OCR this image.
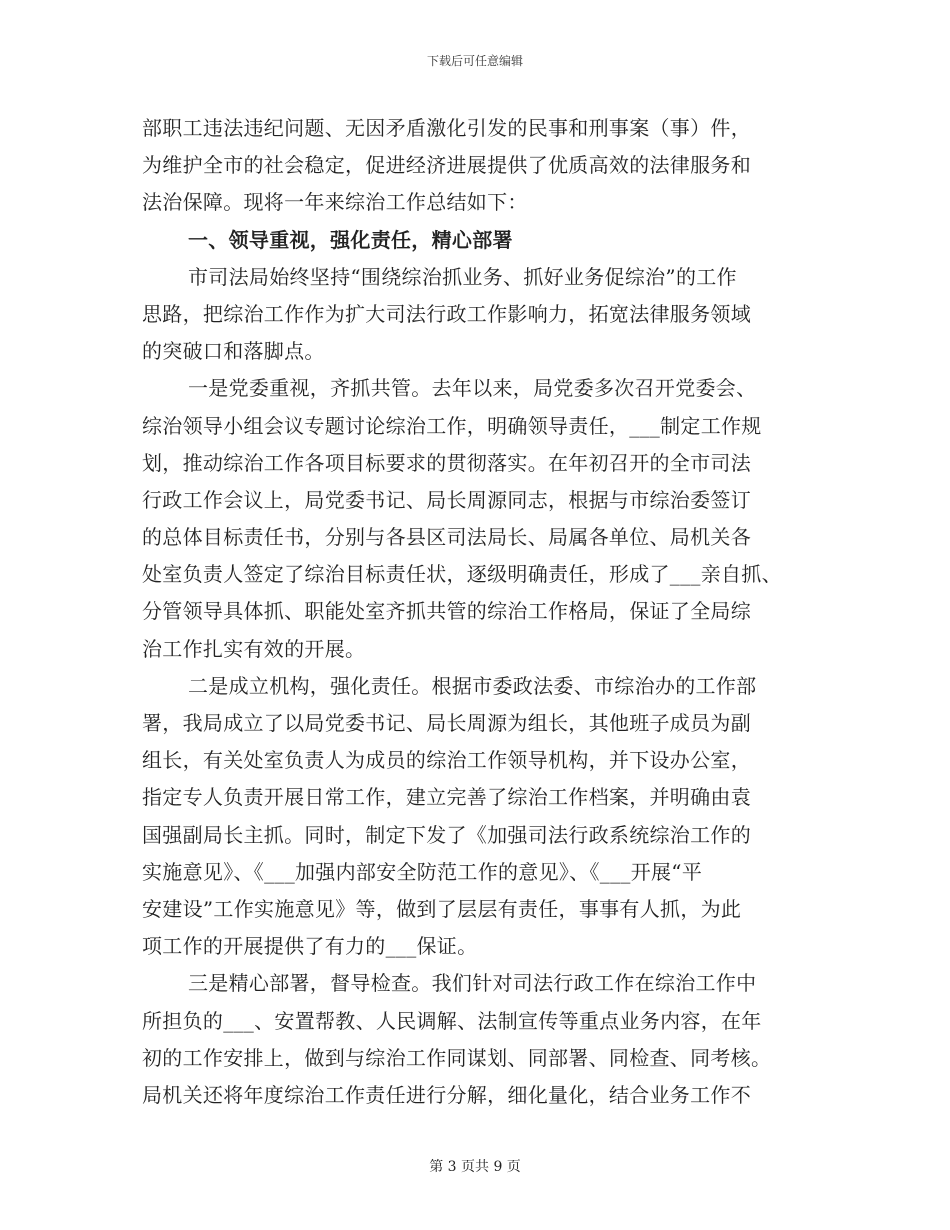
下载后可任意编辑
部职工违法违纪问题、无因矛盾激化引发的民事和刑事案（事）件，
为维护全市的社会稳定，促进经济进展提供了优质高效的法律服务和
法治保障。现将一年来综治工作总结如下：
一、领导重视，强化责任，精心部署
市司法局始终坚持“围绕综治抓业务、抓好业务促综治”的工作
思路，把综治工作作为扩大司法行政工作影响力，拓宽法律服务领域
的突破口和落脚点。
一是党委重视，齐抓共管。去年以来，局党委多次召开党委会、
综治领导小组会议专题讨论综治工作，明确领导责任，___制定工作规
划，推动综治工作各项目标要求的贯彻落实。在年初召开的全市司法
行政工作会议上，局党委书记、局长周源同志，根据与市综治委签订
的总体目标责任书，分别与各县区司法局长、局属各单位、局机关各
处室负责人签定了综治目标责任状，逐级明确责任，形成了___亲自抓、
分管领导具体抓、职能处室齐抓共管的综治工作格局，保证了全局综
治工作扎实有效的开展。
二是成立机构，强化责任。根据市委政法委、市综治办的工作部
署，我局成立了以局党委书记、局长周源为组长，其他班子成员为副
组长，有关处室负责人为成员的综治工作领导机构，并下设办公室，
指定专人负责开展日常工作，建立完善了综治工作档案，并明确由袁
国强副局长主抓。同时，制定下发了《加强司法行政系统综治工作的
实施意见》、《___加强内部安全防范工作的意见》、《___开展“平
安建设”工作实施意见》等，做到了层层有责任，事事有人抓，为此
项工作的开展提供了有力的___保证。
三是精心部署，督导检查。我们针对司法行政工作在综治工作中
所担负的___、安置帮教、人民调解、法制宣传等重点业务内容，在年
初的工作安排上，做到与综治工作同谋划、同部署、同检查、同考核。
局机关还将年度综治工作责任进行分解，细化量化，结合业务工作不
第 3 页共 9 页
